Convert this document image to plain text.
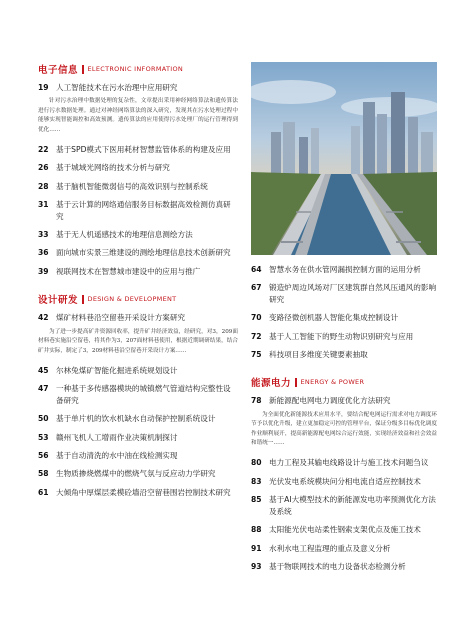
电子信息 ELECTRONIC INFORMATION
19 人工智能技术在污水治理中应用研究
针对污水治理中数据处理的复杂性，文章提出采用神经网络算法和遗传算法进行污水数据处理。通过对神经网络算法的深入研究，发现其在污水处理过程中能够实现智能调控和高效预测。遗传算法的应用使得污水处理厂的运行管理得到优化……
22 基于SPD模式下医用耗材智慧监管体系的构建及应用
26 基于城域光网络的技术分析与研究
28 基于脑机智能微弱信号的高效识别与控制系统
31 基于云计算的网络通信服务目标数据高效检测仿真研究
33 基于无人机遥感技术的地理信息测绘方法
36 面向城市实景三维建设的测绘地理信息技术创新研究
39 视联网技术在智慧城市建设中的应用与推广
设计研发 DESIGN & DEVELOPMENT
42 煤矿材料巷沿空留巷开采设计方案研究
为了进一步提高矿井资源回收率，提升矿井经济效益，经研究，对3，209面材料巷实施沿空留巷，将其作为3，207面材料巷使用，根据近期调研结果，结合矿井实际，制定了3，209材料巷沿空留巷开采设计方案……
45 尔林兔煤矿智能化掘进系统规划设计
47 一种基于多传感器模块的城镇燃气管道结构完整性设备研究
50 基于单片机的饮水机缺水自动保护控制系统设计
53 赣州飞机人工增雨作业决策机制探讨
56 基于自动清洗的水中油在线检测实现
58 生物质掺烧燃煤中的燃烧气氛与反应动力学研究
61 大倾角中厚煤层柔模砼墙沿空留巷围岩控制技术研究
64 智慧水务在供水管网漏损控制方面的运用分析
67 锻造炉周边风场对厂区建筑群自然风压通风的影响研究
70 变路径微创机器人智能化集成控制设计
72 基于人工智能下的野生动物识别研究与应用
75 科技项目多维度关键要素抽取
能源电力 ENERGY & POWER
78 新能源配电网电力调度优化方法研究
为全面优化新能源技术应用水平，要结合配电网运行需求对电力调度环节予以优化升级，建立更加稳定可控的管理平台，保证分级多目标优化调度作业顺利展开，提高新能源配电网综合运行效能，实现经济效益和社会效益和谐统一……
80 电力工程及其输电线路设计与施工技术问题刍议
83 光伏发电系统模块问分相电流自适应控制技术
85 基于AI大模型技术的新能源发电功率预测优化方法及系统
88 太阳能光伏电站柔性钢索支架优点及施工技术
91 水利水电工程监理的重点及意义分析
93 基于物联网技术的电力设备状态检测分析
